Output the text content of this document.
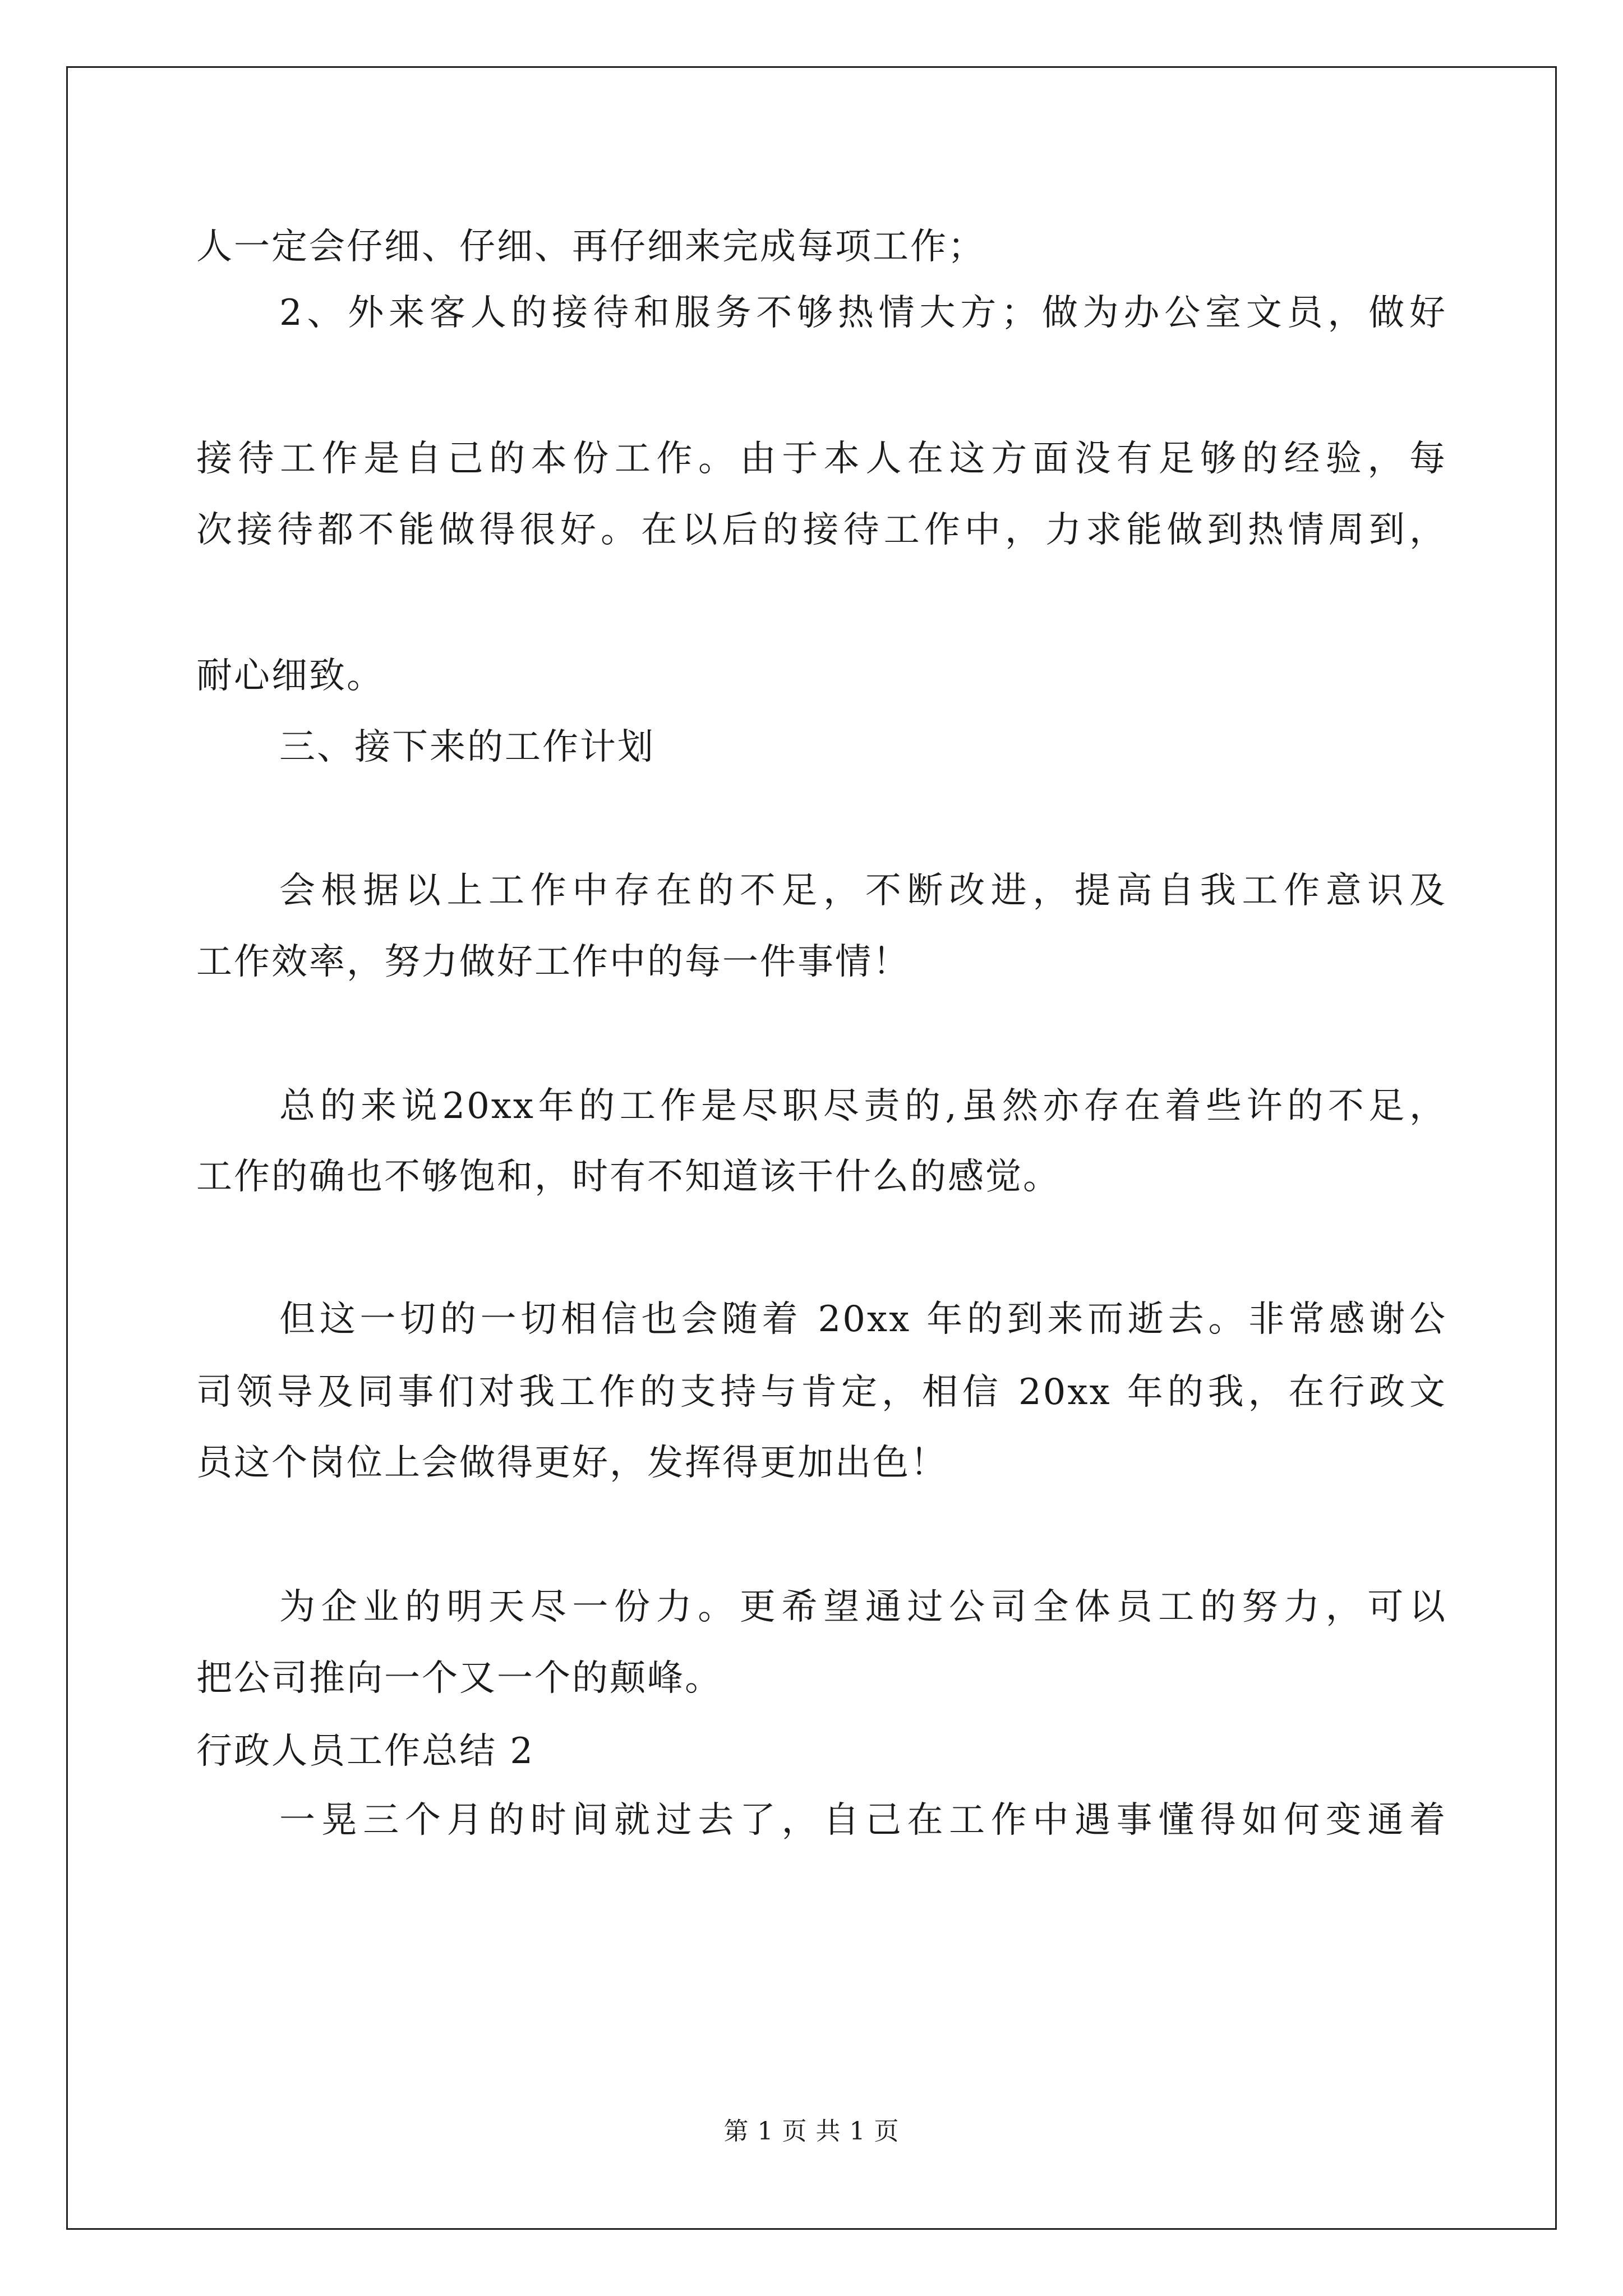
人一定会仔细、仔细、再仔细来完成每项工作；
2、外来客人的接待和服务不够热情大方；做为办公室文员，做好
接待工作是自己的本份工作。由于本人在这方面没有足够的经验，每
次接待都不能做得很好。在以后的接待工作中，力求能做到热情周到，
耐心细致。
三、接下来的工作计划
会根据以上工作中存在的不足，不断改进，提高自我工作意识及
工作效率，努力做好工作中的每一件事情！
总的来说20xx年的工作是尽职尽责的,虽然亦存在着些许的不足，
工作的确也不够饱和，时有不知道该干什么的感觉。
但这一切的一切相信也会随着 20xx 年的到来而逝去。非常感谢公
司领导及同事们对我工作的支持与肯定，相信 20xx 年的我，在行政文
员这个岗位上会做得更好，发挥得更加出色！
为企业的明天尽一份力。更希望通过公司全体员工的努力，可以
把公司推向一个又一个的颠峰。
行政人员工作总结 2
一晃三个月的时间就过去了，自己在工作中遇事懂得如何变通着
第 1 页 共 1 页
